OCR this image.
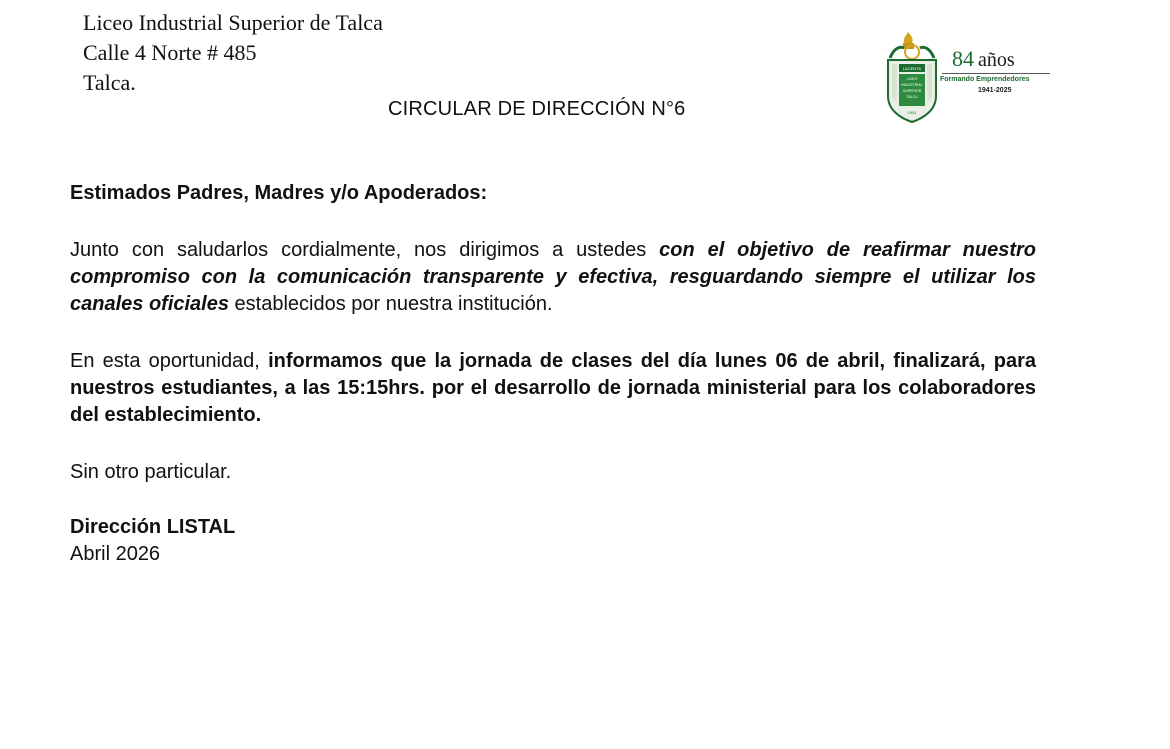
Liceo Industrial Superior de Talca
Calle 4 Norte # 485
Talca.
LACENTA
LICEO
INDUSTRIAL
SUPERIOR
TALCA
1941
84 años
Formando Emprendedores
1941-2025
CIRCULAR DE DIRECCIÓN N°6

Estimados Padres, Madres y/o Apoderados:

Junto con saludarlos cordialmente, nos dirigimos a ustedes con el objetivo de reafirmar nuestro compromiso con la comunicación transparente y efectiva, resguardando siempre el utilizar los canales oficiales establecidos por nuestra institución.

En esta oportunidad, informamos que la jornada de clases del día lunes 06 de abril, finalizará, para nuestros estudiantes, a las 15:15hrs. por el desarrollo de jornada ministerial para los colaboradores del establecimiento.

Sin otro particular.

Dirección LISTAL

Abril 2026
